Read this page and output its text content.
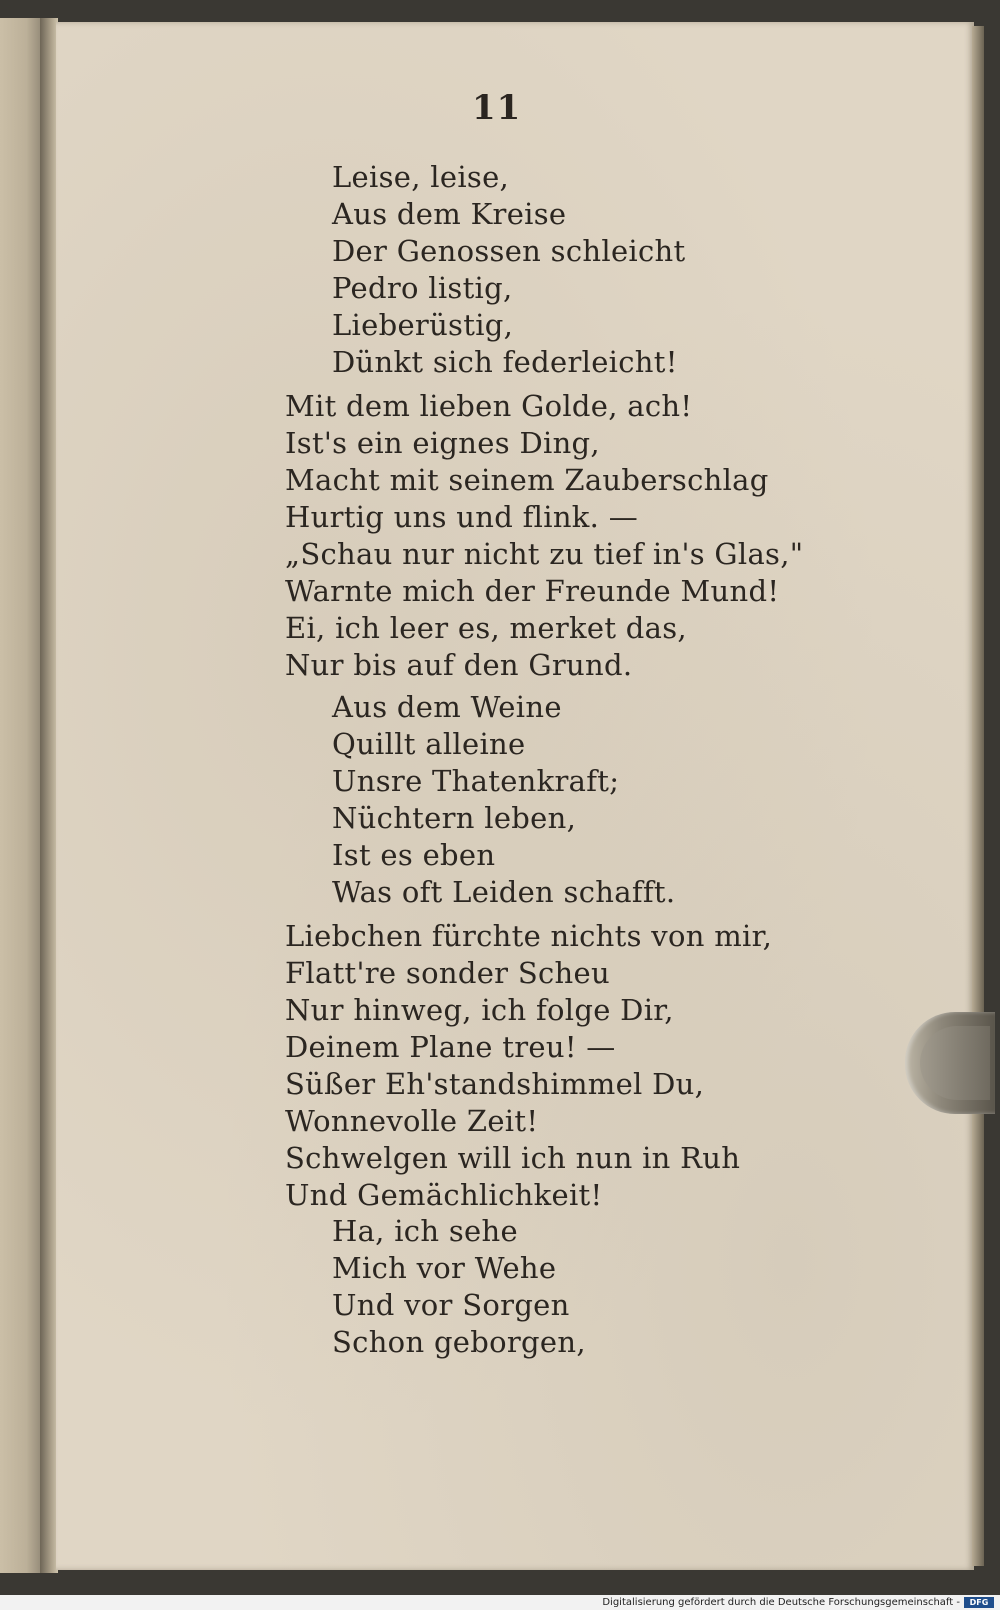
11
Leise, leise,
Aus dem Kreise
Der Genossen schleicht
Pedro listig,
Lieberüstig,
Dünkt sich federleicht!
Mit dem lieben Golde, ach!
Ist's ein eignes Ding,
Macht mit seinem Zauberschlag
Hurtig uns und flink. —
„Schau nur nicht zu tief in's Glas,"
Warnte mich der Freunde Mund!
Ei, ich leer es, merket das,
Nur bis auf den Grund.
Aus dem Weine
Quillt alleine
Unsre Thatenkraft;
Nüchtern leben,
Ist es eben
Was oft Leiden schafft.
Liebchen fürchte nichts von mir,
Flatt're sonder Scheu
Nur hinweg, ich folge Dir,
Deinem Plane treu! —
Süßer Eh'standshimmel Du,
Wonnevolle Zeit!
Schwelgen will ich nun in Ruh
Und Gemächlichkeit!
Ha, ich sehe
Mich vor Wehe
Und vor Sorgen
Schon geborgen,
Digitalisierung gefördert durch die Deutsche Forschungsgemeinschaft -	DFG
